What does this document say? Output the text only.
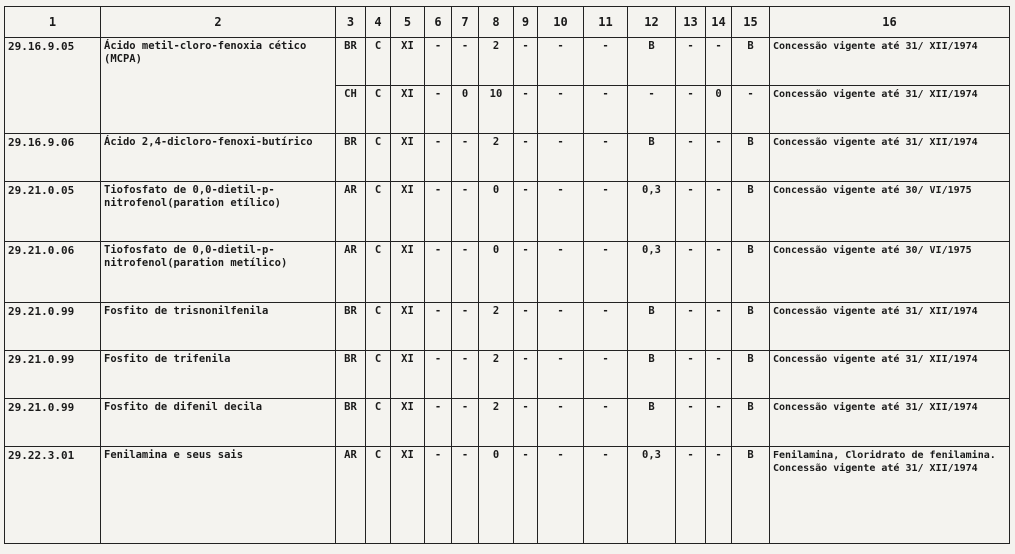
1	2	3	4	5	6	7	8	9	10	11	12	13	14	15	16
29.16.9.05	Ácido metil-cloro-fenoxia cético (MCPA)	BR	C	XI	-	-	2	-	-	-	B	-	-	B	Concessão vigente até 31/ XII/1974
		CH	C	XI	-	0	10	-	-	-	-	-	0	-	Concessão vigente até 31/ XII/1974
29.16.9.06	Ácido 2,4-dicloro-fenoxi-butírico	BR	C	XI	-	-	2	-	-	-	B	-	-	B	Concessão vigente até 31/ XII/1974
29.21.0.05	Tiofosfato de 0,0-dietil-p-nitrofenol(paration etílico)	AR	C	XI	-	-	0	-	-	-	0,3	-	-	B	Concessão vigente até 30/ VI/1975
29.21.0.06	Tiofosfato de 0,0-dietil-p-nitrofenol(paration metílico)	AR	C	XI	-	-	0	-	-	-	0,3	-	-	B	Concessão vigente até 30/ VI/1975
29.21.0.99	Fosfito de trisnonilfenila	BR	C	XI	-	-	2	-	-	-	B	-	-	B	Concessão vigente até 31/ XII/1974
29.21.0.99	Fosfito de trifenila	BR	C	XI	-	-	2	-	-	-	B	-	-	B	Concessão vigente até 31/ XII/1974
29.21.0.99	Fosfito de difenil decila	BR	C	XI	-	-	2	-	-	-	B	-	-	B	Concessão vigente até 31/ XII/1974
29.22.3.01	Fenilamina e seus sais	AR	C	XI	-	-	0	-	-	-	0,3	-	-	B	Fenilamina, Cloridrato de fenilamina. Concessão vigente até 31/ XII/1974
